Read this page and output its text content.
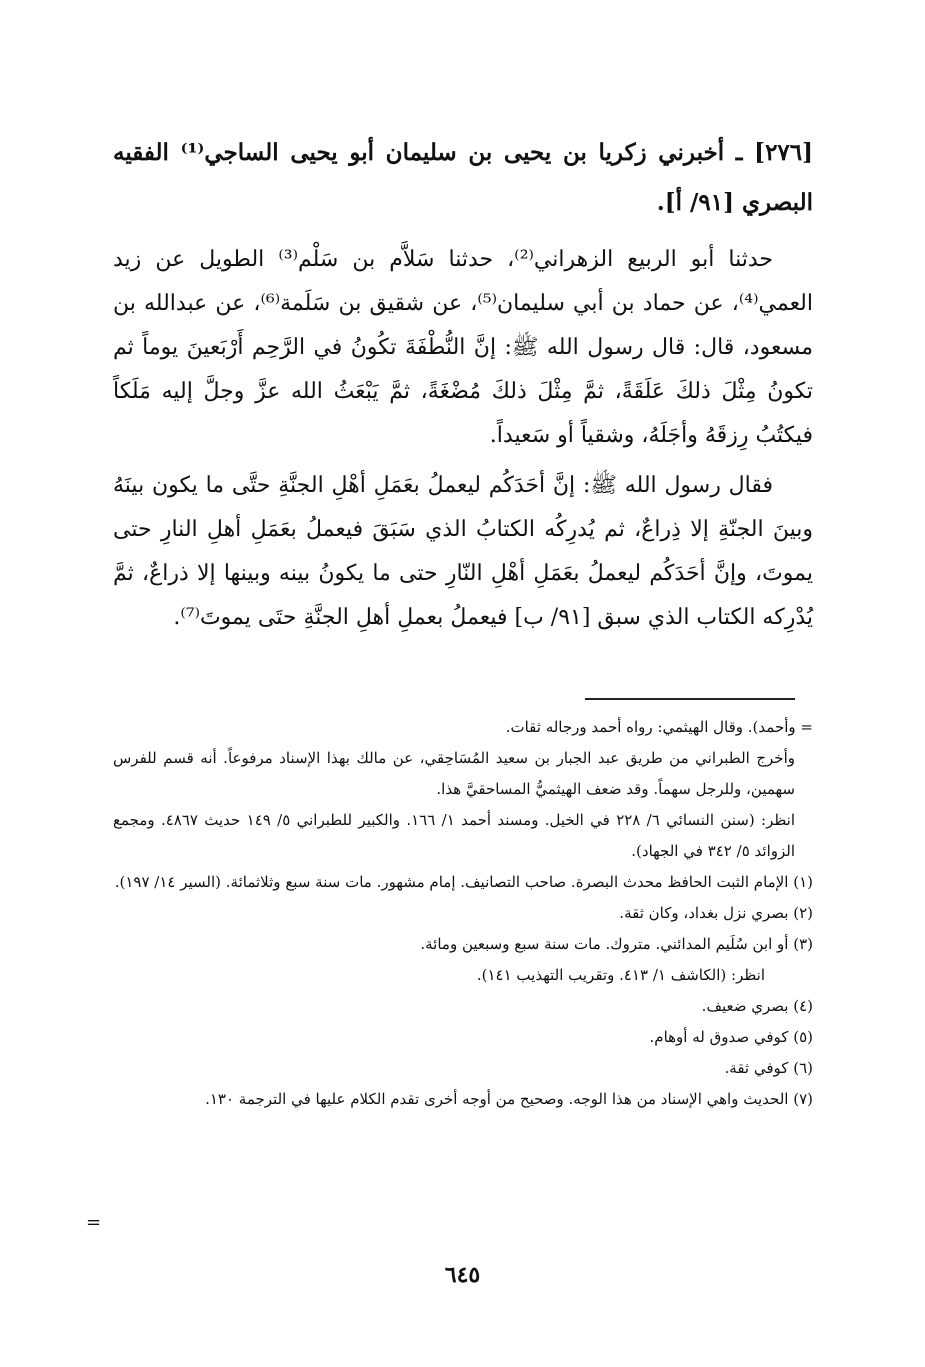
[٢٧٦] ـ أخبرني زكريا بن يحيى بن سليمان أبو يحيى الساجي⁽¹⁾ الفقيه البصري [٩١/ أ].

حدثنا أبو الربيع الزهراني⁽²⁾، حدثنا سَلاَّم بن سَلْم⁽³⁾ الطويل عن زيد العمي⁽⁴⁾، عن حماد بن أبي سليمان⁽⁵⁾، عن شقيق بن سَلَمة⁽⁶⁾، عن عبدالله بن مسعود، قال: قال رسول الله ﷺ: إنَّ النُّطْفَةَ تكُونُ في الرَّحِم أَرْبَعينَ يوماً ثم تكونُ مِثْلَ ذلكَ عَلَقَةً، ثمَّ مِثْلَ ذلكَ مُضْغَةً، ثمَّ يَبْعَثُ الله عزَّ وجلَّ إليه مَلَكاً فيكتُبُ رِزقَهُ وأجَلَهُ، وشقياً أو سَعيداً.

فقال رسول الله ﷺ: إنَّ أحَدَكُم ليعملُ بعَمَلِ أهْلِ الجنَّةِ حتَّى ما يكون بينَهُ وبينَ الجنّةِ إلا ذِراعٌ، ثم يُدرِكُه الكتابُ الذي سَبَقَ فيعملُ بعَمَلِ أهلِ النارِ حتى يموتَ، وإنَّ أحَدَكُم ليعملُ بعَمَلِ أهْلِ النّارِ حتى ما يكونُ بينه وبينها إلا ذراعٌ، ثمَّ يُدْرِكه الكتاب الذي سبق [٩١/ ب] فيعملُ بعملِ أهلِ الجنَّةِ حتَى يموتَ⁽⁷⁾.

= وأحمد). وقال الهيثمي: رواه أحمد ورجاله ثقات.

وأخرج الطبراني من طريق عبد الجبار بن سعيد المُسَاحِقي، عن مالك بهذا الإسناد مرفوعاً. أنه قسم للفرس سهمين، وللرجل سهماً. وقد ضعف الهيثميُّ المساحقيَّ هذا.

انظر: (سنن النسائي ٦/ ٢٢٨ في الخيل. ومسند أحمد ١/ ١٦٦. والكبير للطبراني ٥/ ١٤٩ حديث ٤٨٦٧. ومجمع الزوائد ٥/ ٣٤٢ في الجهاد).

(١) الإمام الثبت الحافظ محدث البصرة. صاحب التصانيف. إمام مشهور. مات سنة سبع وثلاثمائة. (السير ١٤/ ١٩٧).

(٢) بصري نزل بغداد، وكان ثقة.

(٣) أو ابن سُلَيم المدائني. متروك. مات سنة سبع وسبعين ومائة.

انظر: (الكاشف ١/ ٤١٣. وتقريب التهذيب ١٤١).

(٤) بصري ضعيف.

(٥) كوفي صدوق له أوهام.

(٦) كوفي ثقة.

(٧) الحديث واهي الإسناد من هذا الوجه. وصحيح من أوجه أخرى تقدم الكلام عليها في الترجمة ١٣٠.

=
٦٤٥
